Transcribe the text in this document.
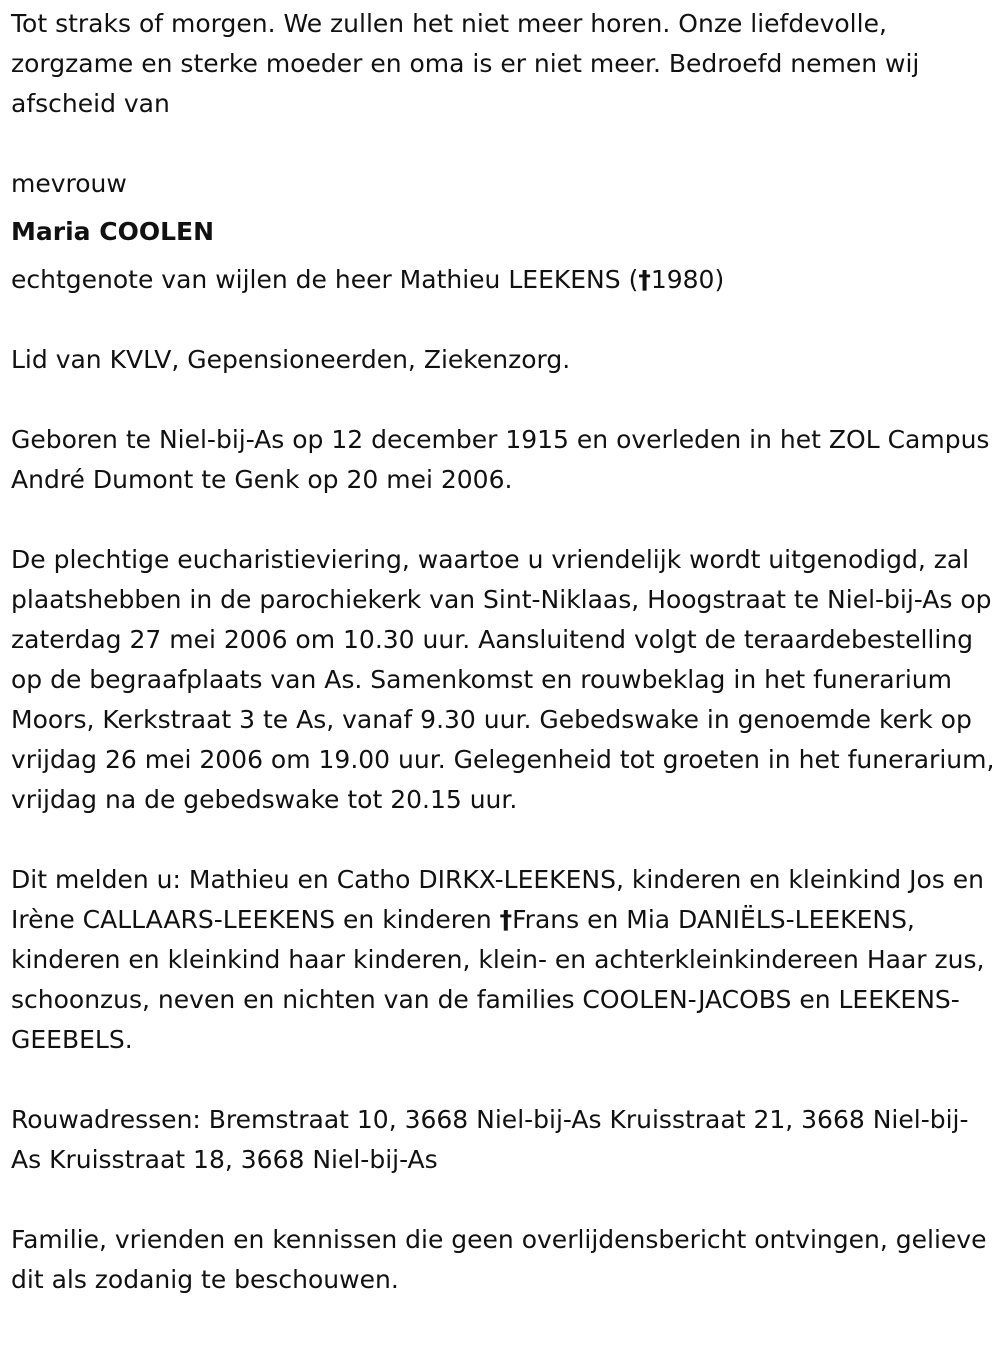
Tot straks of morgen. We zullen het niet meer horen. Onze liefdevolle, zorgzame en sterke moeder en oma is er niet meer. Bedroefd nemen wij afscheid van

mevrouw

Maria COOLEN

echtgenote van wijlen de heer Mathieu LEEKENS (†1980)

Lid van KVLV, Gepensioneerden, Ziekenzorg.

Geboren te Niel-bij-As op 12 december 1915 en overleden in het ZOL Campus André Dumont te Genk op 20 mei 2006.

De plechtige eucharistieviering, waartoe u vriendelijk wordt uitgenodigd, zal plaatshebben in de parochiekerk van Sint-Niklaas, Hoogstraat te Niel-bij-As op zaterdag 27 mei 2006 om 10.30 uur. Aansluitend volgt de teraardebestelling op de begraafplaats van As. Samenkomst en rouwbeklag in het funerarium Moors, Kerkstraat 3 te As, vanaf 9.30 uur. Gebedswake in genoemde kerk op vrijdag 26 mei 2006 om 19.00 uur. Gelegenheid tot groeten in het funerarium, vrijdag na de gebedswake tot 20.15 uur.

Dit melden u: Mathieu en Catho DIRKX-LEEKENS, kinderen en kleinkind Jos en Irène CALLAARS-LEEKENS en kinderen †Frans en Mia DANIËLS-LEEKENS, kinderen en kleinkind haar kinderen, klein- en achterkleinkindereen Haar zus, schoonzus, neven en nichten van de families COOLEN-JACOBS en LEEKENS-GEEBELS.

Rouwadressen: Bremstraat 10, 3668 Niel-bij-As Kruisstraat 21, 3668 Niel-bij-As Kruisstraat 18, 3668 Niel-bij-As

Familie, vrienden en kennissen die geen overlijdensbericht ontvingen, gelieve dit als zodanig te beschouwen.
